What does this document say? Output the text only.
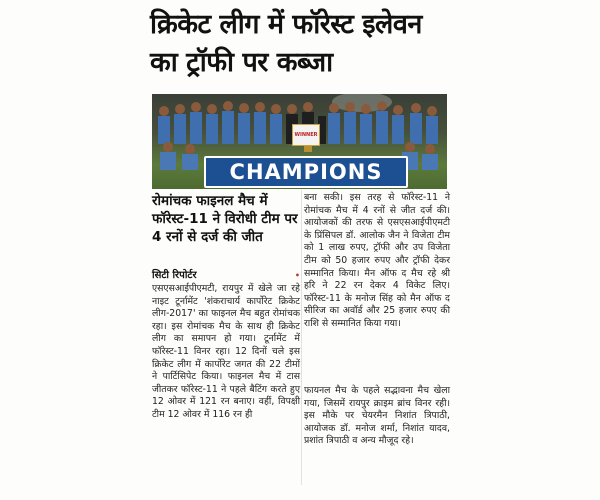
क्रिकेट लीग में फॉरेस्ट इलेवन
का ट्रॉफी पर कब्जा
WINNER
CHAMPIONS
रोमांचक फाइनल मैच में फॉरेस्ट-11 ने विरोधी टीम पर 4 रनों से दर्ज की जीत
सिटी रिपोर्टर	•
एसएसआईपीएमटी, रायपुर में खेले जा रहे नाइट टूर्नामेंट 'शंकराचार्य कार्पोरेट क्रिकेट लीग-2017' का फाइनल मैच बहुत रोमांचक रहा। इस रोमांचक मैच के साथ ही क्रिकेट लीग का समापन हो गया। टूर्नामेंट में फॉरेस्ट-11 विनर रहा। 12 दिनों चले इस क्रिकेट लीग में कार्पोरेट जगत की 22 टीमों ने पार्टिसिपेट किया। फाइनल मैच में टास जीतकर फॉरेस्ट-11 ने पहले बैटिंग करते हुए 12 ओवर में 121 रन बनाए। वहीं, विपक्षी टीम 12 ओवर में 116 रन ही
बना सकी। इस तरह से फॉरेस्ट-11 ने रोमांचक मैच में 4 रनों से जीत दर्ज की। आयोजकों की तरफ से एसएसआईपीएमटी के प्रिंसिपल डॉ. आलोक जैन ने विजेता टीम को 1 लाख रुपए, ट्रॉफी और उप विजेता टीम को 50 हजार रुपए और ट्रॉफी देकर सम्मानित किया। मैन ऑफ द मैच रहे श्री हरि ने 22 रन देकर 4 विकेट लिए। फॉरेस्ट-11 के मनोज सिंह को मैन ऑफ द सीरिज का अवॉर्ड और 25 हजार रुपए की राशि से सम्मानित किया गया।
फायनल मैच के पहले सद्भावना मैच खेला गया, जिसमें रायपुर क्राइम ब्रांच विनर रही। इस मौके पर चेयरमैन निशांत त्रिपाठी, आयोजक डॉ. मनोज शर्मा, निशांत यादव, प्रशांत त्रिपाठी व अन्य मौजूद रहे।
